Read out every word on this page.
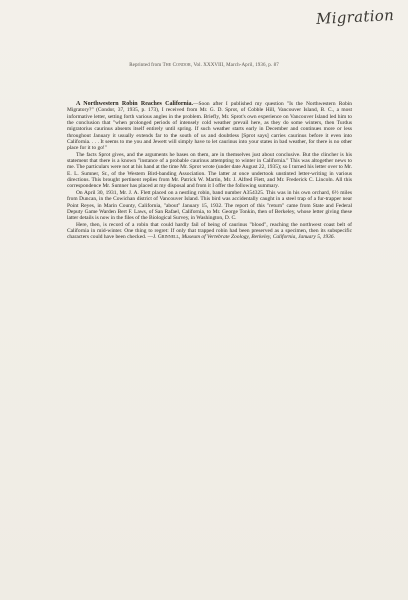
Migration
Reprinted from The Condor, Vol. XXXVIII, March-April, 1936, p. 87

A Northwestern Robin Reaches California.—Soon after I published my question "Is the Northwestern Robin Migratory?" (Condor, 37, 1935, p. 173), I received from Mr. G. D. Sprot, of Cobble Hill, Vancouver Island, B. C., a most informative letter, setting forth various angles in the problem. Briefly, Mr. Sprot's own experience on Vancouver Island led him to the conclusion that "when prolonged periods of intensely cold weather prevail here, as they do some winters, then Turdus migratorius caurinus absents itself entirely until spring. If such weather starts early in December and continues more or less throughout January it usually extends far to the south of us and doubtless [Sprot says] carries caurinus before it even into California. . . . It seems to me you and Jewett will simply have to let caurinus into your states in bad weather, for there is no other place for it to go!"

The facts Sprot gives, and the arguments he bases on them, are in themselves just about conclusive. But the clincher is his statement that there is a known "instance of a probable caurinus attempting to winter in California." This was altogether news to me. The particulars were not at his hand at the time Mr. Sprot wrote (under date August 22, 1935); so I turned his letter over to Mr. E. L. Sumner, Sr., of the Western Bird-banding Association. The latter at once undertook unstinted letter-writing in various directions. This brought pertinent replies from Mr. Patrick W. Martin, Mr. J. Alfred Flett, and Mr. Frederick C. Lincoln. All this correspondence Mr. Sumner has placed at my disposal and from it I offer the following summary.

On April 30, 1931, Mr. J. A. Flett placed on a nestling robin, band number A354325. This was in his own orchard, 6½ miles from Duncan, in the Cowichan district of Vancouver Island. This bird was accidentally caught in a steel trap of a fur-trapper near Point Reyes, in Marin County, California, "about" January 15, 1932. The report of this "return" came from State and Federal Deputy Game Warden Bert F. Laws, of San Rafael, California, to Mr. George Tonkin, then of Berkeley, whose letter giving these latter details is now in the files of the Biological Survey, in Washington, D. C.

Here, then, is record of a robin that could hardly fail of being of caurinus "blood", reaching the northwest coast belt of California in mid-winter. One thing to regret: If only that trapped robin had been preserved as a specimen, then its subspecific characters could have been checked. —J. Grinnell, Museum of Vertebrate Zoology, Berkeley, California, January 5, 1936.
